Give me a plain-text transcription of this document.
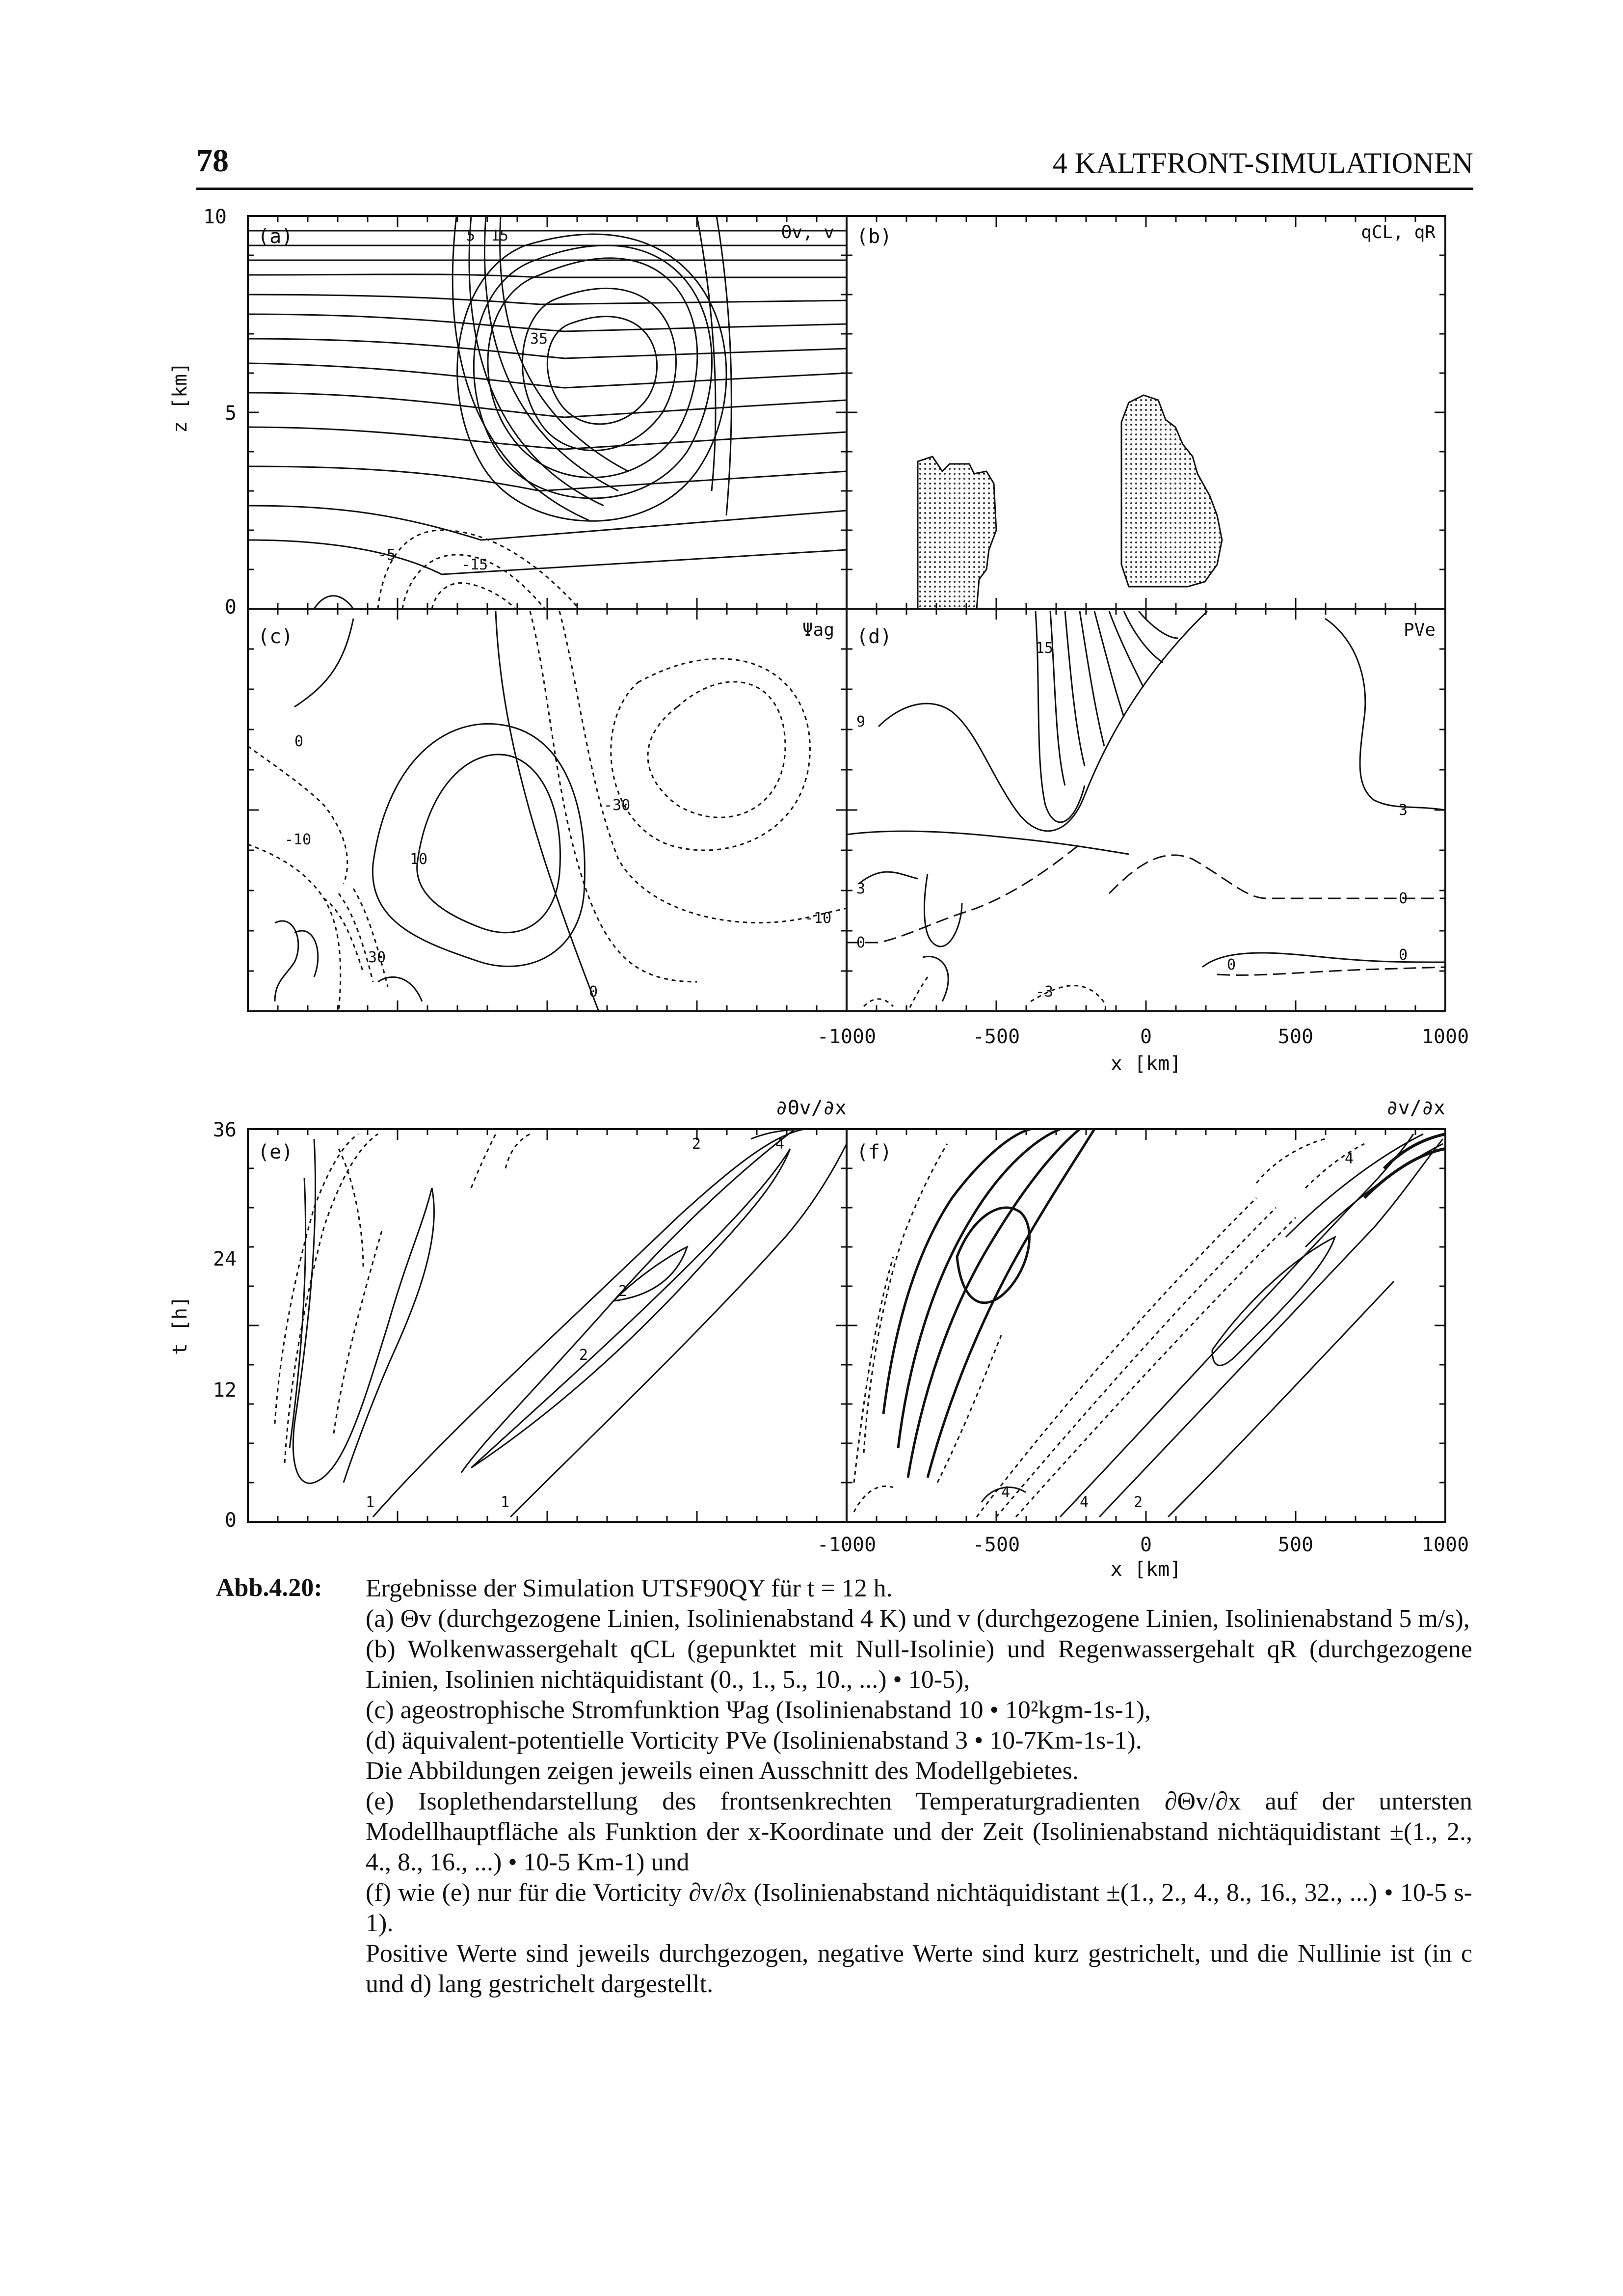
78	4 KALTFRONT-SIMULATIONEN
(a)	(b)
(c)	(d)
(e)	(f)
Θv, v	qCL, qR
Ψag	PVe
∂Θv/∂x	∂v/∂x
5 15
35
-5
-15
0
-10
10
-30
-10
30
0
15
9
3
3
0
0
0
0
-3
2	4
2
2
1	1
4
4
4	2
10
5
0
z [km]
-1000	-500	0	500	1000
x [km]
36
24
12
0
t [h]
-1000	-500	0	500	1000
x [km]
Abb.4.20: Ergebnisse der Simulation UTSF90QY für t = 12 h.

(a) Θv (durchgezogene Linien, Isolinienabstand 4 K) und v (durchgezogene Linien, Isolinienabstand 5 m/s),

(b) Wolkenwassergehalt qCL (gepunktet mit Null-Isolinie) und Regenwassergehalt qR (durchgezogene Linien, Isolinien nichtäquidistant (0., 1., 5., 10., ...) • 10-5),

(c) ageostrophische Stromfunktion Ψag (Isolinienabstand 10 • 10²kgm-1s-1),

(d) äquivalent-potentielle Vorticity PVe (Isolinienabstand 3 • 10-7Km-1s-1).

Die Abbildungen zeigen jeweils einen Ausschnitt des Modellgebietes.

(e) Isoplethendarstellung des frontsenkrechten Temperaturgradienten ∂Θv/∂x auf der untersten Modellhauptfläche als Funktion der x-Koordinate und der Zeit (Isolinienabstand nichtäquidistant ±(1., 2., 4., 8., 16., ...) • 10-5 Km-1) und

(f) wie (e) nur für die Vorticity ∂v/∂x (Isolinienabstand nichtäquidistant ±(1., 2., 4., 8., 16., 32., ...) • 10-5 s-1).

Positive Werte sind jeweils durchgezogen, negative Werte sind kurz gestrichelt, und die Nullinie ist (in c und d) lang gestrichelt dargestellt.
